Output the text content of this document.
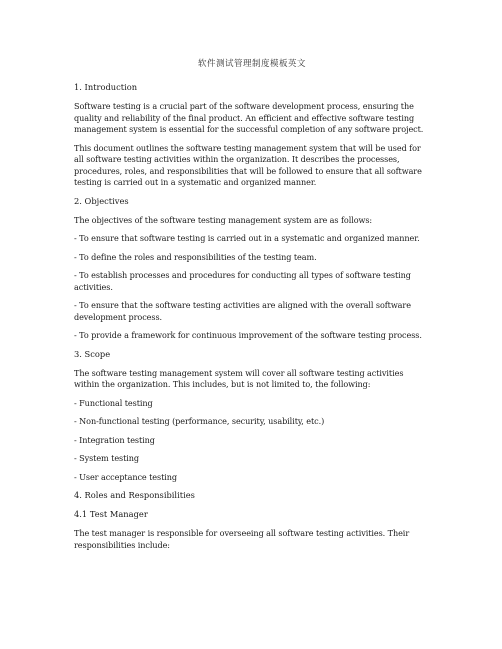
软件测试管理制度模板英文
1. Introduction
Software testing is a crucial part of the software development process, ensuring the quality and reliability of the final product. An efficient and effective software testing management system is essential for the successful completion of any software project.
This document outlines the software testing management system that will be used for all software testing activities within the organization. It describes the processes, procedures, roles, and responsibilities that will be followed to ensure that all software testing is carried out in a systematic and organized manner.
2. Objectives
The objectives of the software testing management system are as follows:
- To ensure that software testing is carried out in a systematic and organized manner.
- To define the roles and responsibilities of the testing team.
- To establish processes and procedures for conducting all types of software testing activities.
- To ensure that the software testing activities are aligned with the overall software development process.
- To provide a framework for continuous improvement of the software testing process.
3. Scope
The software testing management system will cover all software testing activities within the organization. This includes, but is not limited to, the following:
- Functional testing
- Non-functional testing (performance, security, usability, etc.)
- Integration testing
- System testing
- User acceptance testing
4. Roles and Responsibilities
4.1 Test Manager
The test manager is responsible for overseeing all software testing activities. Their responsibilities include:
